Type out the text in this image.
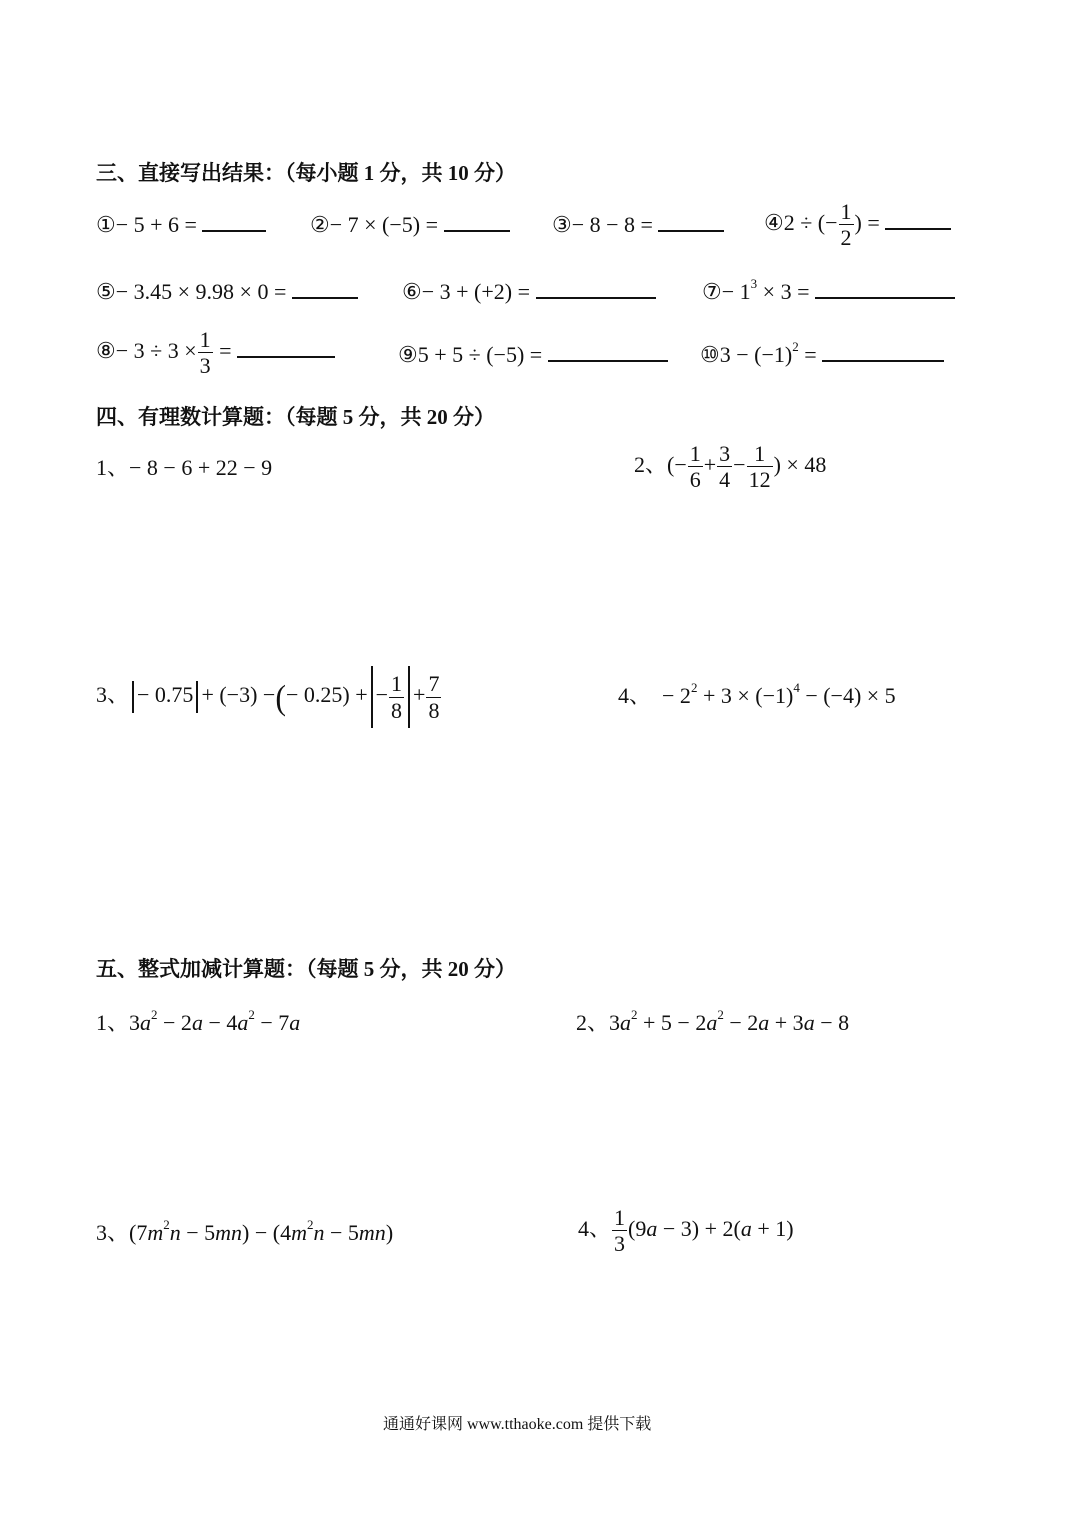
三、直接写出结果：（每小题 1 分，共 10 分）
①− 5 + 6 =	②− 7 × (−5) =	③− 8 − 8 =	④2 ÷ (− $\frac{1}{2}$ ) =
⑤− 3.45 × 9.98 × 0 =	⑥− 3 + (+2) =	⑦− $1^3 \times 3$ =
⑧− $3 \div 3 \times \frac{1}{3}$ =	⑨5 + 5 ÷ (−5) =	⑩3 − $(-1)^2$ =
四、有理数计算题：（每题 5 分，共 20 分）
1、− 8 − 6 + 22 − 9	2、(− $\frac{1}{6} + \frac{3}{4} - \frac{1}{12}$ ) × 48
3、 − 0.75 + (−3) −(− 0.25) + − $\frac{1}{8} + \frac{7}{8}$	4、 − $2^2 + 3 \times (-1)^4 - (-4) \times 5$
五、整式加减计算题：（每题 5 分，共 20 分）
1、$3a^2 - 2a - 4a^2 - 7a$	2、$3a^2 + 5 - 2a^2 - 2a + 3a - 8$
3、$(7m^2n - 5mn) - (4m^2n - 5mn)$	4、 $\frac{1}{3} (9a - 3) + 2(a + 1)$
通通好课网 www.tthaoke.com 提供下载
